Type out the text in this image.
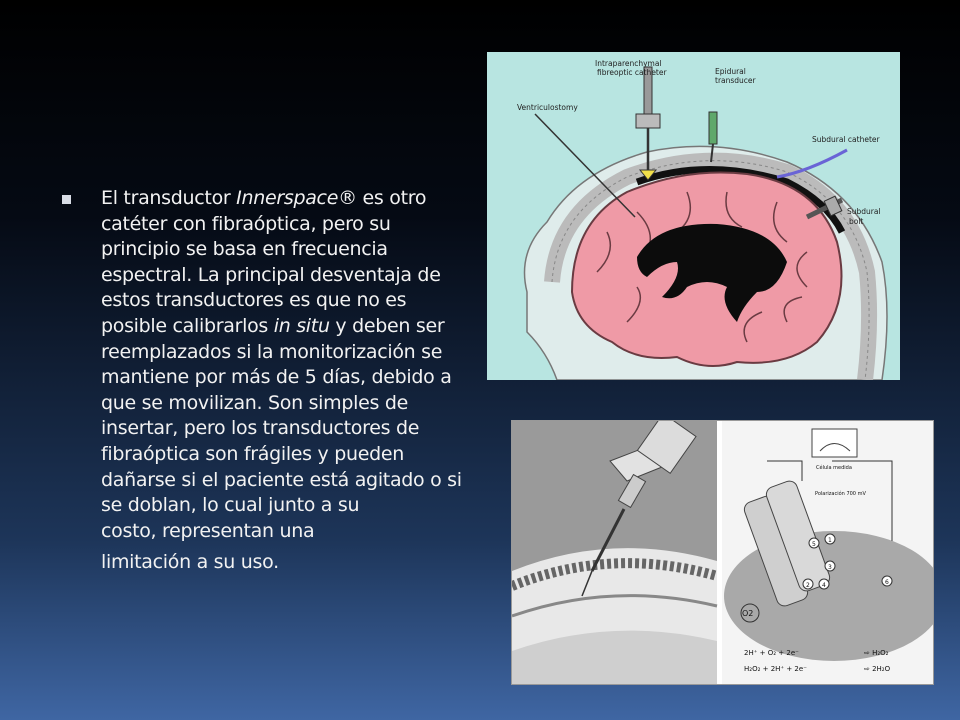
El transductor Innerspace® es otro catéter con fibraóptica, pero su principio se basa en frecuencia espectral. La principal desventaja de estos transductores es que no es posible calibrarlos in situ y deben ser reemplazados si la monitorización se mantiene por más de 5 días, debido a que se movilizan. Son simples de insertar, pero los transductores de fibraóptica son frágiles y pueden dañarse si el paciente está agitado o si se doblan, lo cual junto a su
costo, representan una
limitación a su uso.
Intraparenchymal
fibreoptic catheter	Epidural
transducer
Ventriculostomy
Subdural catheter
Subdural
bolt
5
1
2 4
3
6
O2
Célula medida
Polarización 700 mV
2H⁺ + O₂ + 2e⁻	⇨ H₂O₂
H₂O₂ + 2H⁺ + 2e⁻	⇨ 2H₂O
